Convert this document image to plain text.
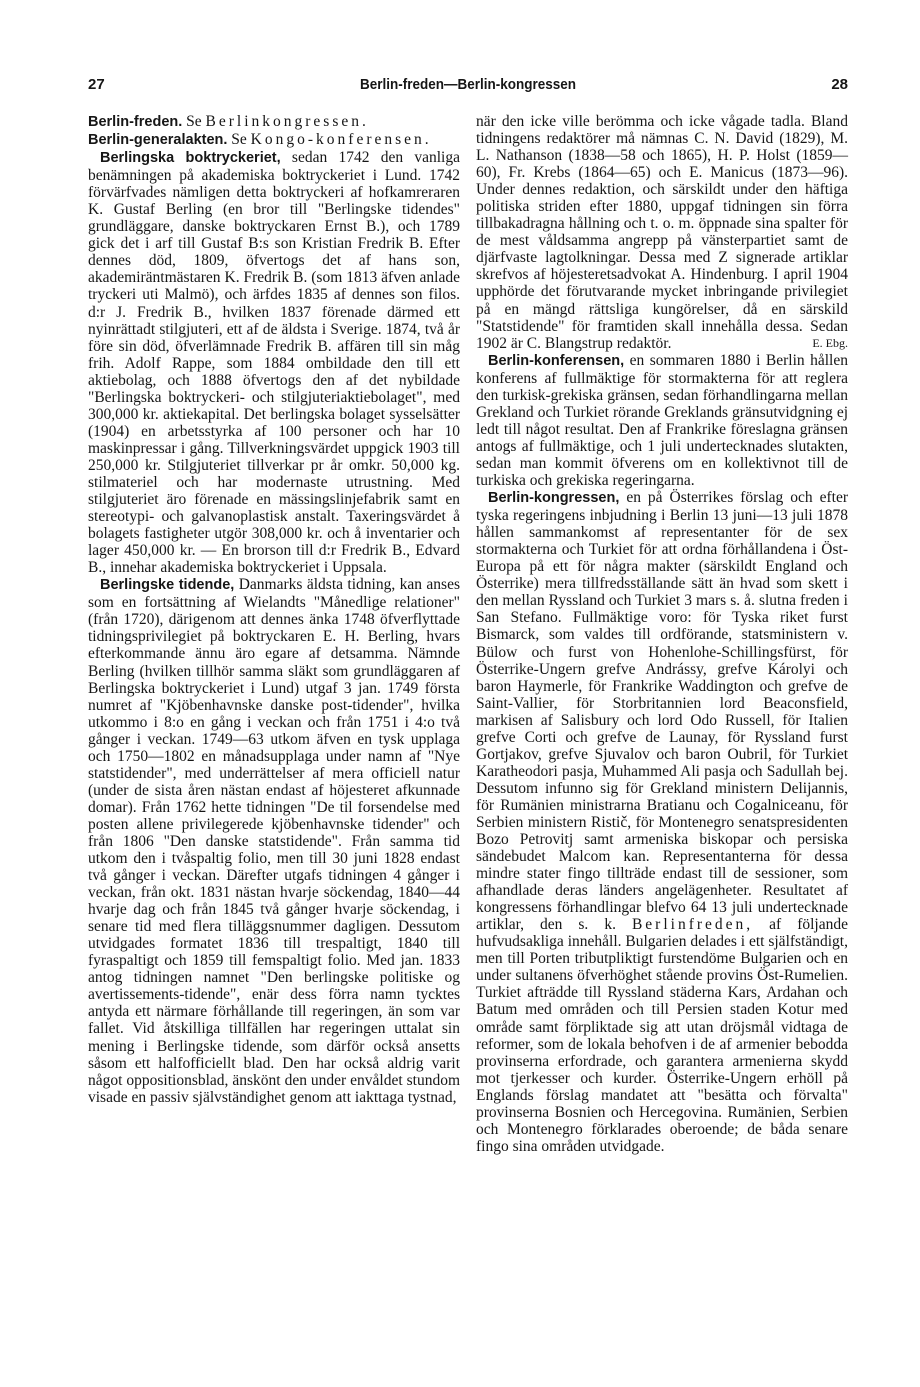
27	Berlin-freden—Berlin-kongressen	28

Berlin-freden. Se Berlinkongressen.

Berlin-generalakten. Se Kongo-konferensen.

Berlingska boktryckeriet, sedan 1742 den vanliga benämningen på akademiska boktryckeriet i Lund. 1742 förvärfvades nämligen detta boktryckeri af hofkamreraren K. Gustaf Berling (en bror till "Berlingske tidendes" grundläggare, danske boktryckaren Ernst B.), och 1789 gick det i arf till Gustaf B:s son Kristian Fredrik B. Efter dennes död, 1809, öfvertogs det af hans son, akademiräntmästaren K. Fredrik B. (som 1813 äfven anlade tryckeri uti Malmö), och ärfdes 1835 af dennes son filos. d:r J. Fredrik B., hvilken 1837 förenade därmed ett nyinrättadt stilgjuteri, ett af de äldsta i Sverige. 1874, två år före sin död, öfverlämnade Fredrik B. affären till sin måg frih. Adolf Rappe, som 1884 ombildade den till ett aktiebolag, och 1888 öfvertogs den af det nybildade "Berlingska boktryckeri- och stilgjuteriaktiebolaget", med 300,000 kr. aktiekapital. Det berlingska bolaget sysselsätter (1904) en arbetsstyrka af 100 personer och har 10 maskinpressar i gång. Tillverkningsvärdet uppgick 1903 till 250,000 kr. Stilgjuteriet tillverkar pr år omkr. 50,000 kg. stilmateriel och har modernaste utrustning. Med stilgjuteriet äro förenade en mässingslinjefabrik samt en stereotypi- och galvanoplastisk anstalt. Taxeringsvärdet å bolagets fastigheter utgör 308,000 kr. och å inventarier och lager 450,000 kr. — En brorson till d:r Fredrik B., Edvard B., innehar akademiska boktryckeriet i Uppsala.

Berlingske tidende, Danmarks äldsta tidning, kan anses som en fortsättning af Wielandts "Månedlige relationer" (från 1720), därigenom att dennes änka 1748 öfverflyttade tidningsprivilegiet på boktryckaren E. H. Berling, hvars efterkommande ännu äro egare af detsamma. Nämnde Berling (hvilken tillhör samma släkt som grundläggaren af Berlingska boktryckeriet i Lund) utgaf 3 jan. 1749 första numret af "Kjöbenhavnske danske post-tidender", hvilka utkommo i 8:o en gång i veckan och från 1751 i 4:o två gånger i veckan. 1749—63 utkom äfven en tysk upplaga och 1750—1802 en månadsupplaga under namn af "Nye statstidender", med underrättelser af mera officiell natur (under de sista åren nästan endast af höjesteret afkunnade domar). Från 1762 hette tidningen "De til forsendelse med posten allene privilegerede kjöbenhavnske tidender" och från 1806 "Den danske statstidende". Från samma tid utkom den i tvåspaltig folio, men till 30 juni 1828 endast två gånger i veckan. Därefter utgafs tidningen 4 gånger i veckan, från okt. 1831 nästan hvarje söckendag, 1840—44 hvarje dag och från 1845 två gånger hvarje söckendag, i senare tid med flera tilläggsnummer dagligen. Dessutom utvidgades formatet 1836 till trespaltigt, 1840 till fyraspaltigt och 1859 till femspaltigt folio. Med jan. 1833 antog tidningen namnet "Den berlingske politiske og avertissements-tidende", enär dess förra namn tycktes antyda ett närmare förhållande till regeringen, än som var fallet. Vid åtskilliga tillfällen har regeringen uttalat sin mening i Berlingske tidende, som därför också ansetts såsom ett halfofficiellt blad. Den har också aldrig varit något oppositionsblad, änskönt den under envåldet stundom visade en passiv självständighet genom att iakttaga tystnad,

när den icke ville berömma och icke vågade tadla. Bland tidningens redaktörer må nämnas C. N. David (1829), M. L. Nathanson (1838—58 och 1865), H. P. Holst (1859—60), Fr. Krebs (1864—65) och E. Manicus (1873—96). Under dennes redaktion, och särskildt under den häftiga politiska striden efter 1880, uppgaf tidningen sin förra tillbakadragna hållning och t. o. m. öppnade sina spalter för de mest våldsamma angrepp på vänsterpartiet samt de djärfvaste lagtolkningar. Dessa med Z signerade artiklar skrefvos af höjesteretsadvokat A. Hindenburg. I april 1904 upphörde det förutvarande mycket inbringande privilegiet på en mängd rättsliga kungörelser, då en särskild "Statstidende" för framtiden skall innehålla dessa. Sedan 1902 är C. Blangstrup redaktör.	E. Ebg.

Berlin-konferensen, en sommaren 1880 i Berlin hållen konferens af fullmäktige för stormakterna för att reglera den turkisk-grekiska gränsen, sedan förhandlingarna mellan Grekland och Turkiet rörande Greklands gränsutvidgning ej ledt till något resultat. Den af Frankrike föreslagna gränsen antogs af fullmäktige, och 1 juli undertecknades slutakten, sedan man kommit öfverens om en kollektivnot till de turkiska och grekiska regeringarna.

Berlin-kongressen, en på Österrikes förslag och efter tyska regeringens inbjudning i Berlin 13 juni—13 juli 1878 hållen sammankomst af representanter för de sex stormakterna och Turkiet för att ordna förhållandena i Öst-Europa på ett för några makter (särskildt England och Österrike) mera tillfredsställande sätt än hvad som skett i den mellan Ryssland och Turkiet 3 mars s. å. slutna freden i San Stefano. Fullmäktige voro: för Tyska riket furst Bismarck, som valdes till ordförande, statsministern v. Bülow och furst von Hohenlohe-Schillingsfürst, för Österrike-Ungern grefve Andrássy, grefve Károlyi och baron Haymerle, för Frankrike Waddington och grefve de Saint-Vallier, för Storbritannien lord Beaconsfield, markisen af Salisbury och lord Odo Russell, för Italien grefve Corti och grefve de Launay, för Ryssland furst Gortjakov, grefve Sjuvalov och baron Oubril, för Turkiet Karatheodori pasja, Muhammed Ali pasja och Sadullah bej. Dessutom infunno sig för Grekland ministern Delijannis, för Rumänien ministrarna Bratianu och Cogalniceanu, för Serbien ministern Ristič, för Montenegro senatspresidenten Bozo Petrovitj samt armeniska biskopar och persiska sändebudet Malcom kan. Representanterna för dessa mindre stater fingo tillträde endast till de sessioner, som afhandlade deras länders angelägenheter. Resultatet af kongressens förhandlingar blefvo 64 13 juli undertecknade artiklar, den s. k. Berlinfreden, af följande hufvudsakliga innehåll. Bulgarien delades i ett själfständigt, men till Porten tributpliktigt furstendöme Bulgarien och en under sultanens öfverhöghet stående provins Öst-Rumelien. Turkiet afträdde till Ryssland städerna Kars, Ardahan och Batum med områden och till Persien staden Kotur med område samt förpliktade sig att utan dröjsmål vidtaga de reformer, som de lokala behofven i de af armenier bebodda provinserna erfordrade, och garantera armenierna skydd mot tjerkesser och kurder. Österrike-Ungern erhöll på Englands förslag mandatet att "besätta och förvalta" provinserna Bosnien och Hercegovina. Rumänien, Serbien och Montenegro förklarades oberoende; de båda senare fingo sina områden utvidgade.
